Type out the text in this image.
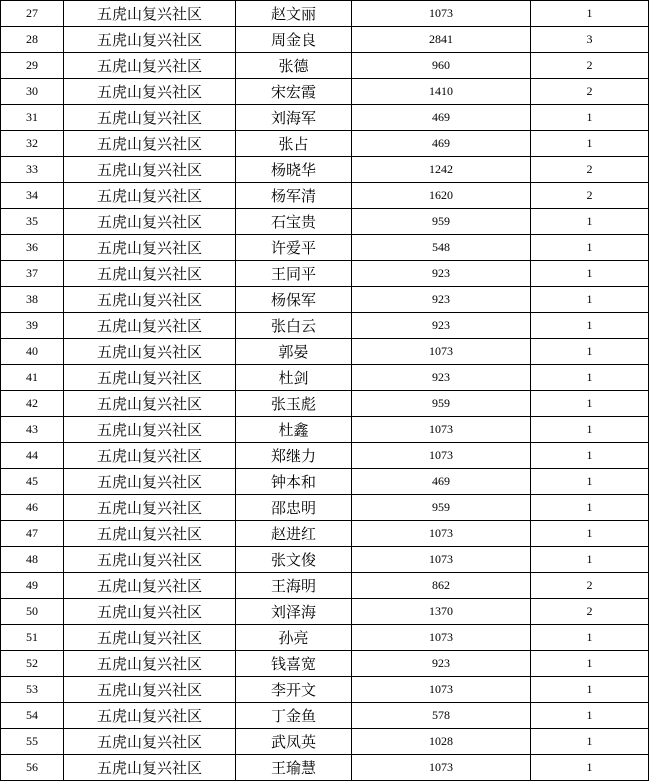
27	五虎山复兴社区	赵文丽	1073	1
28	五虎山复兴社区	周金良	2841	3
29	五虎山复兴社区	张德	960	2
30	五虎山复兴社区	宋宏霞	1410	2
31	五虎山复兴社区	刘海军	469	1
32	五虎山复兴社区	张占	469	1
33	五虎山复兴社区	杨晓华	1242	2
34	五虎山复兴社区	杨军清	1620	2
35	五虎山复兴社区	石宝贵	959	1
36	五虎山复兴社区	许爱平	548	1
37	五虎山复兴社区	王同平	923	1
38	五虎山复兴社区	杨保军	923	1
39	五虎山复兴社区	张白云	923	1
40	五虎山复兴社区	郭晏	1073	1
41	五虎山复兴社区	杜剑	923	1
42	五虎山复兴社区	张玉彪	959	1
43	五虎山复兴社区	杜鑫	1073	1
44	五虎山复兴社区	郑继力	1073	1
45	五虎山复兴社区	钟本和	469	1
46	五虎山复兴社区	邵忠明	959	1
47	五虎山复兴社区	赵进红	1073	1
48	五虎山复兴社区	张文俊	1073	1
49	五虎山复兴社区	王海明	862	2
50	五虎山复兴社区	刘泽海	1370	2
51	五虎山复兴社区	孙亮	1073	1
52	五虎山复兴社区	钱喜宽	923	1
53	五虎山复兴社区	李开文	1073	1
54	五虎山复兴社区	丁金鱼	578	1
55	五虎山复兴社区	武凤英	1028	1
56	五虎山复兴社区	王瑜慧	1073	1
